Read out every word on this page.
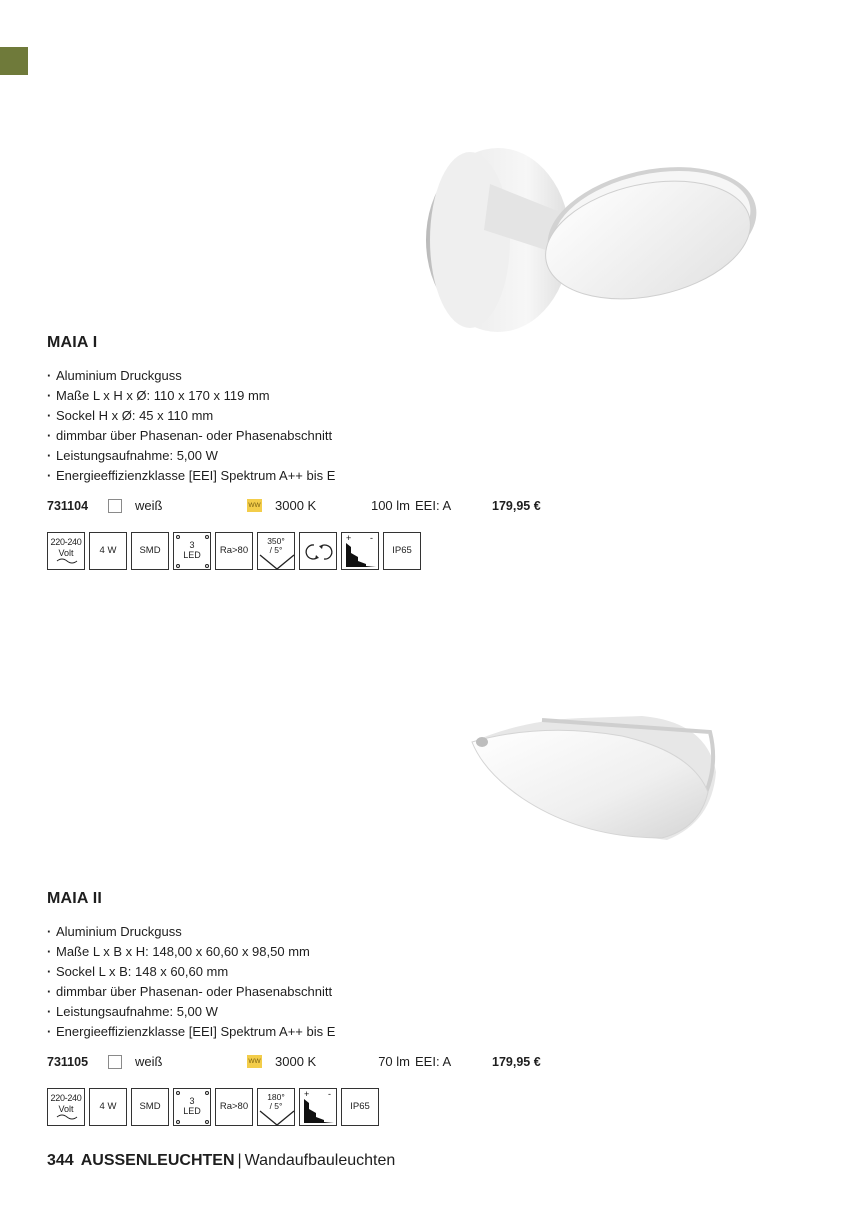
MAIA I
· Aluminium Druckguss
· Maße L x H x Ø: 110 x 170 x 119 mm
· Sockel H x Ø: 45 x 110 mm
· dimmbar über Phasenan- oder Phasenabschnitt
· Leistungsaufnahme: 5,00 W
· Energieeffizienzklasse [EEI] Spektrum A++ bis E
731104	weiß	WW 3000 K	100 lm EEI: A	179,95 €
220-240
Volt	4 W	SMD	3
LED	Ra>80
350°
/ 5°
+ -
IP65
MAIA II
· Aluminium Druckguss
· Maße L x B x H: 148,00 x 60,60 x 98,50 mm
· Sockel L x B: 148 x 60,60 mm
· dimmbar über Phasenan- oder Phasenabschnitt
· Leistungsaufnahme: 5,00 W
· Energieeffizienzklasse [EEI] Spektrum A++ bis E
731105	weiß	WW 3000 K	70 lm EEI: A	179,95 €
220-240
Volt	4 W	SMD	3
LED	Ra>80
180°
/ 5°
+ -
IP65
344 AUSSENLEUCHTEN | Wandaufbauleuchten
